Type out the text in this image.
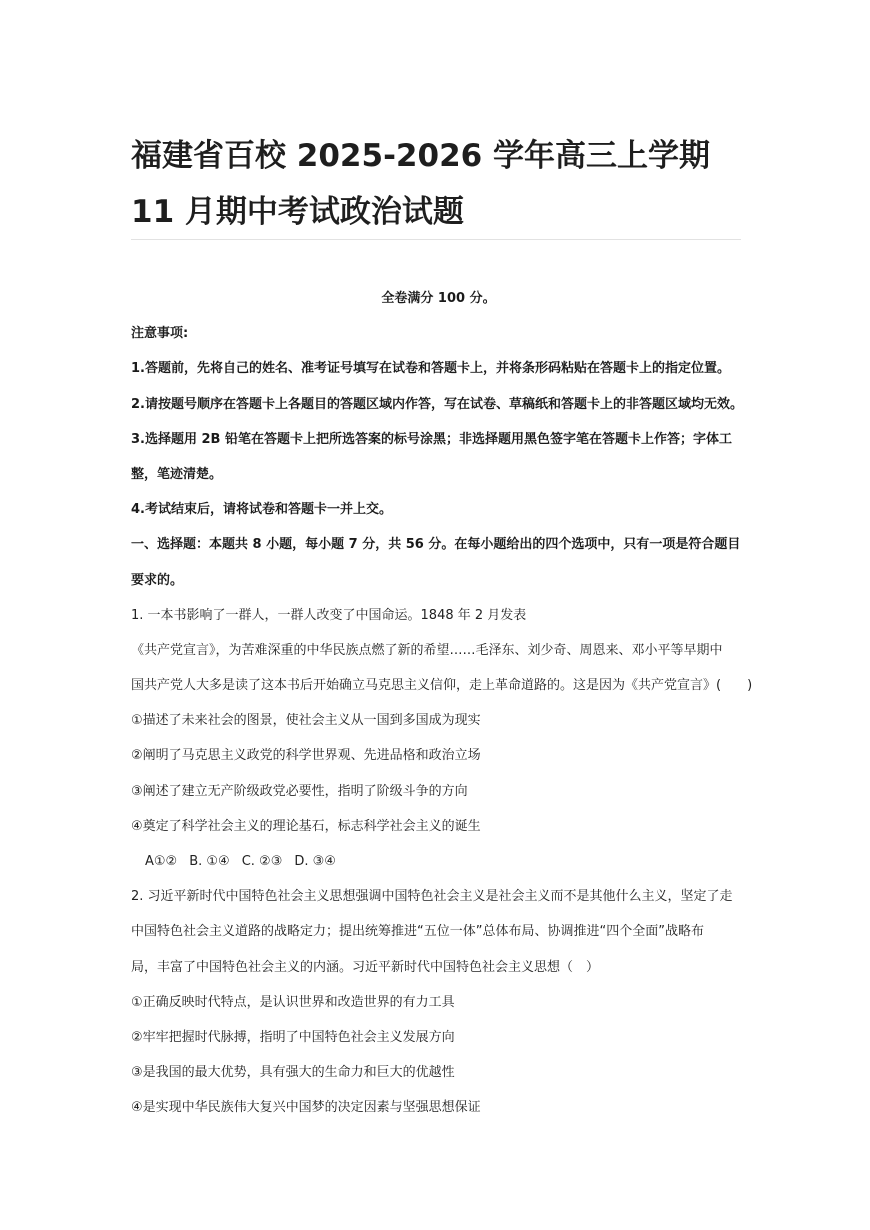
福建省百校 2025-2026 学年高三上学期
11 月期中考试政治试题
全卷满分 100 分。
注意事项:
1.答题前，先将自己的姓名、准考证号填写在试卷和答题卡上，并将条形码粘贴在答题卡上的指定位置。
2.请按题号顺序在答题卡上各题目的答题区域内作答，写在试卷、草稿纸和答题卡上的非答题区域均无效。
3.选择题用 2B 铅笔在答题卡上把所选答案的标号涂黑；非选择题用黑色签字笔在答题卡上作答；字体工
整，笔迹清楚。
4.考试结束后，请将试卷和答题卡一并上交。
一、选择题：本题共 8 小题，每小题 7 分，共 56 分。在每小题给出的四个选项中，只有一项是符合题目
要求的。
1. 一本书影响了一群人，一群人改变了中国命运。1848 年 2 月发表
《共产党宣言》，为苦难深重的中华民族点燃了新的希望……毛泽东、刘少奇、周恩来、邓小平等早期中
国共产党人大多是读了这本书后开始确立马克思主义信仰，走上革命道路的。这是因为《共产党宣言》(　　)
①描述了未来社会的图景，使社会主义从一国到多国成为现实
②阐明了马克思主义政党的科学世界观、先进品格和政治立场
③阐述了建立无产阶级政党必要性，指明了阶级斗争的方向
④奠定了科学社会主义的理论基石，标志科学社会主义的诞生
A①② B. ①④ C. ②③ D. ③④
2. 习近平新时代中国特色社会主义思想强调中国特色社会主义是社会主义而不是其他什么主义，坚定了走
中国特色社会主义道路的战略定力；提出统筹推进“五位一体”总体布局、协调推进“四个全面”战略布
局，丰富了中国特色社会主义的内涵。习近平新时代中国特色社会主义思想（　）
①正确反映时代特点，是认识世界和改造世界的有力工具
②牢牢把握时代脉搏，指明了中国特色社会主义发展方向
③是我国的最大优势，具有强大的生命力和巨大的优越性
④是实现中华民族伟大复兴中国梦的决定因素与坚强思想保证
